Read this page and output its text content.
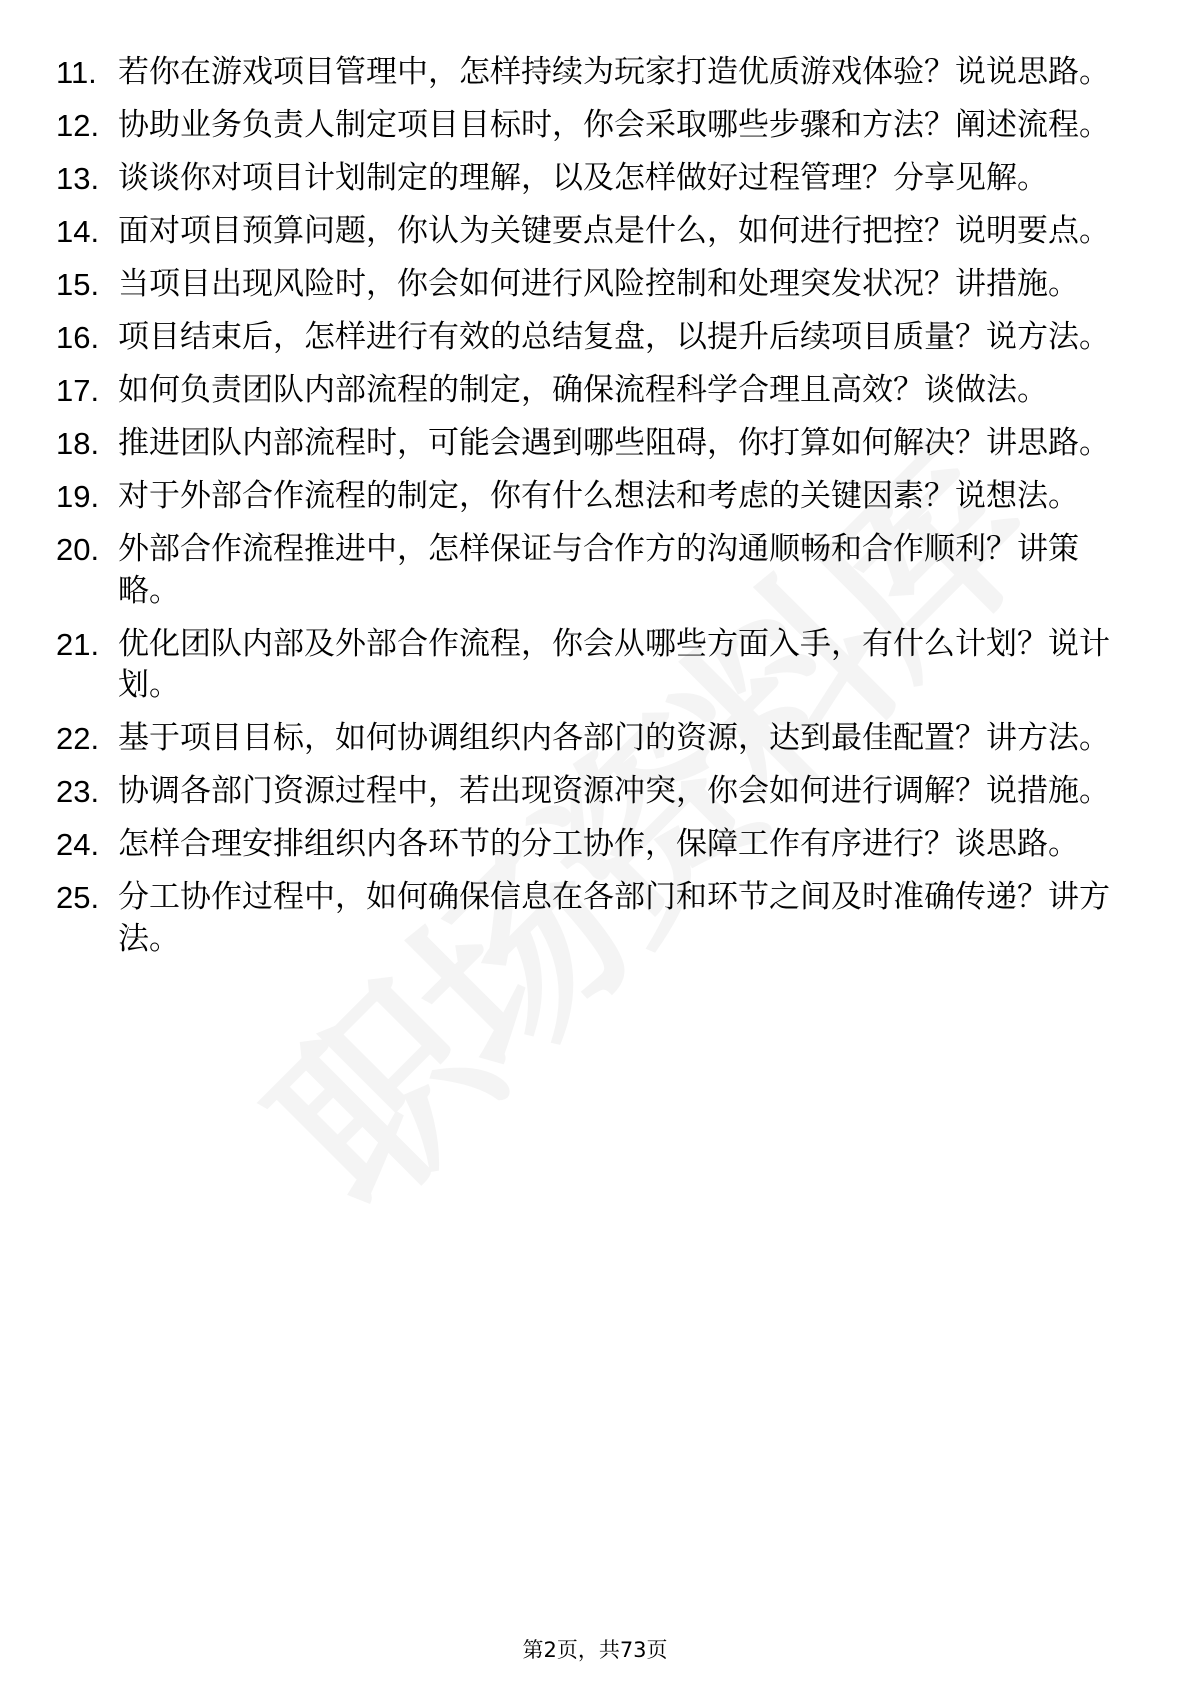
11. 若你在游戏项目管理中，怎样持续为玩家打造优质游戏体验？说说思路。
12. 协助业务负责人制定项目目标时，你会采取哪些步骤和方法？阐述流程。
13. 谈谈你对项目计划制定的理解，以及怎样做好过程管理？分享见解。
14. 面对项目预算问题，你认为关键要点是什么，如何进行把控？说明要点。
15. 当项目出现风险时，你会如何进行风险控制和处理突发状况？讲措施。
16. 项目结束后，怎样进行有效的总结复盘，以提升后续项目质量？说方法。
17. 如何负责团队内部流程的制定，确保流程科学合理且高效？谈做法。
18. 推进团队内部流程时，可能会遇到哪些阻碍，你打算如何解决？讲思路。
19. 对于外部合作流程的制定，你有什么想法和考虑的关键因素？说想法。
20. 外部合作流程推进中，怎样保证与合作方的沟通顺畅和合作顺利？讲策略。
21. 优化团队内部及外部合作流程，你会从哪些方面入手，有什么计划？说计划。
22. 基于项目目标，如何协调组织内各部门的资源，达到最佳配置？讲方法。
23. 协调各部门资源过程中，若出现资源冲突，你会如何进行调解？说措施。
24. 怎样合理安排组织内各环节的分工协作，保障工作有序进行？谈思路。
25. 分工协作过程中，如何确保信息在各部门和环节之间及时准确传递？讲方法。
第2页，共73页
